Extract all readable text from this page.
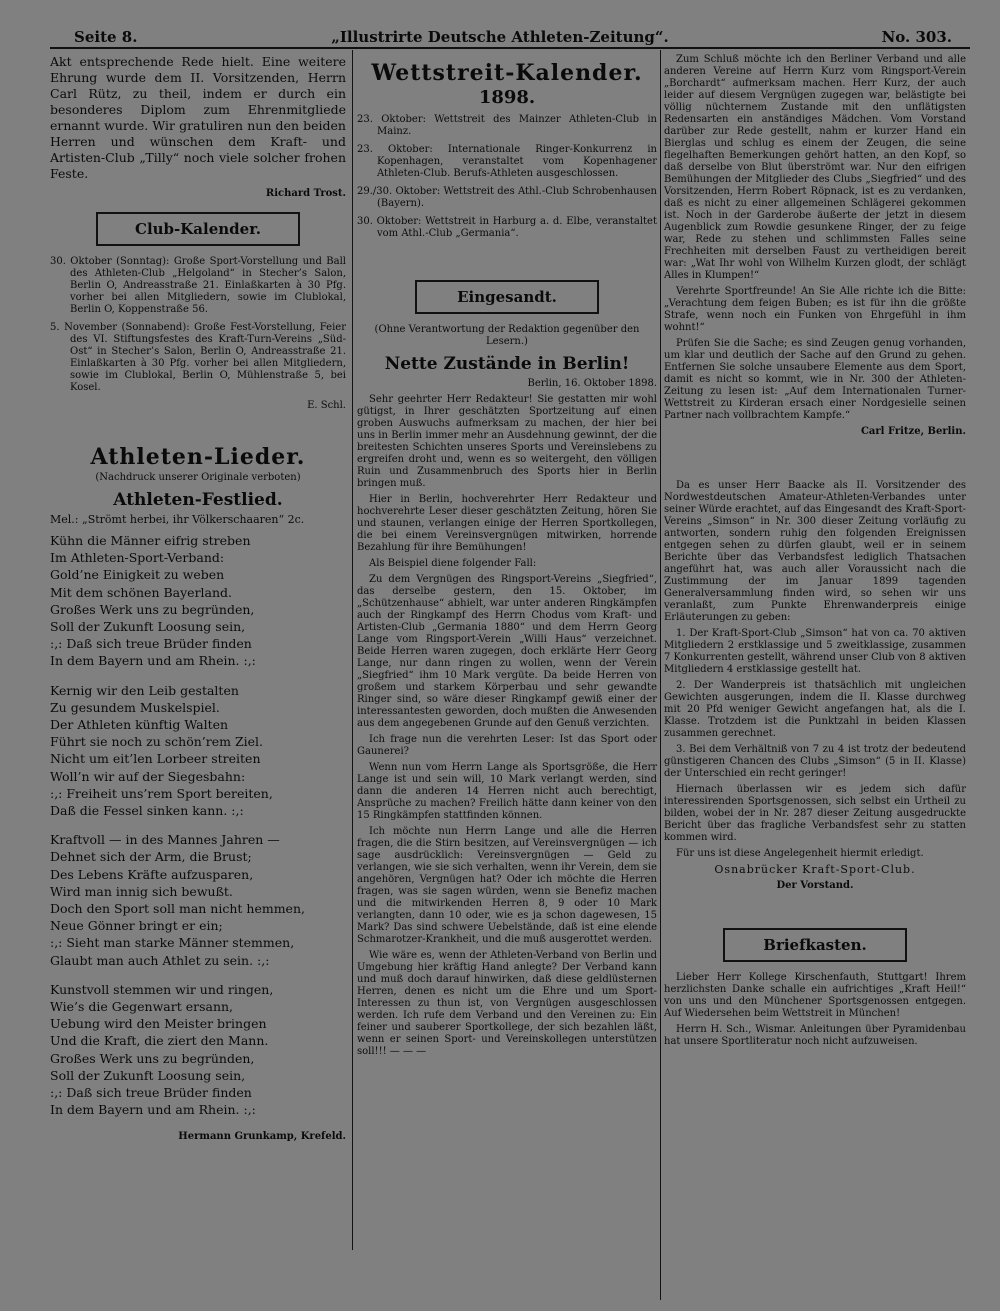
Seite 8.	„Illustrirte Deutsche Athleten-Zeitung“.	No. 303.

Akt entsprechende Rede hielt. Eine weitere Ehrung wurde dem II. Vorsitzenden, Herrn Carl Rütz, zu theil, indem er durch ein besonderes Diplom zum Ehrenmitgliede ernannt wurde. Wir gratuliren nun den beiden Herren und wünschen dem Kraft- und Artisten-Club „Tilly“ noch viele solcher frohen Feste.

Richard Trost.

Club-Kalender.

30. Oktober (Sonntag): Große Sport-Vorstellung und Ball des Athleten-Club „Helgoland“ in Stecher’s Salon, Berlin O, Andreasstraße 21. Einlaßkarten à 30 Pfg. vorher bei allen Mitgliedern, sowie im Clublokal, Berlin O, Koppenstraße 56.

5. November (Sonnabend): Große Fest-Vorstellung, Feier des VI. Stiftungsfestes des Kraft-Turn-Vereins „Süd-Ost“ in Stecher’s Salon, Berlin O, Andreasstraße 21. Einlaßkarten à 30 Pfg. vorher bei allen Mitgliedern, sowie im Clublokal, Berlin O, Mühlenstraße 5, bei Kosel.

E. Schl.

Athleten-Lieder.

(Nachdruck unserer Originale verboten)

Athleten-Festlied.

Mel.: „Strömt herbei, ihr Völkerschaaren“ 2c.

Kühn die Männer eifrig streben

Im Athleten-Sport-Verband:

Gold’ne Einigkeit zu weben

Mit dem schönen Bayerland.

Großes Werk uns zu begründen,

Soll der Zukunft Loosung sein,

:,: Daß sich treue Brüder finden

In dem Bayern und am Rhein. :,:

Kernig wir den Leib gestalten

Zu gesundem Muskelspiel.

Der Athleten künftig Walten

Führt sie noch zu schön’rem Ziel.

Nicht um eit’len Lorbeer streiten

Woll’n wir auf der Siegesbahn:

:,: Freiheit uns’rem Sport bereiten,

Daß die Fessel sinken kann. :,:

Kraftvoll — in des Mannes Jahren —

Dehnet sich der Arm, die Brust;

Des Lebens Kräfte aufzusparen,

Wird man innig sich bewußt.

Doch den Sport soll man nicht hemmen,

Neue Gönner bringt er ein;

:,: Sieht man starke Männer stemmen,

Glaubt man auch Athlet zu sein. :,:

Kunstvoll stemmen wir und ringen,

Wie’s die Gegenwart ersann,

Uebung wird den Meister bringen

Und die Kraft, die ziert den Mann.

Großes Werk uns zu begründen,

Soll der Zukunft Loosung sein,

:,: Daß sich treue Brüder finden

In dem Bayern und am Rhein. :,:

Hermann Grunkamp, Krefeld.

Wettstreit-Kalender.
1898.

23. Oktober: Wettstreit des Mainzer Athleten-Club in Mainz.

23. Oktober: Internationale Ringer-Konkurrenz in Kopenhagen, veranstaltet vom Kopenhagener Athleten-Club. Berufs-Athleten ausgeschlossen.

29./30. Oktober: Wettstreit des Athl.-Club Schrobenhausen (Bayern).

30. Oktober: Wettstreit in Harburg a. d. Elbe, veranstaltet vom Athl.-Club „Germania“.

Eingesandt.

(Ohne Verantwortung der Redaktion gegenüber den Lesern.)

Nette Zustände in Berlin!

Berlin, 16. Oktober 1898.

Sehr geehrter Herr Redakteur! Sie gestatten mir wohl gütigst, in Ihrer geschätzten Sportzeitung auf einen groben Auswuchs aufmerksam zu machen, der hier bei uns in Berlin immer mehr an Ausdehnung gewinnt, der die breitesten Schichten unseres Sports und Vereinslebens zu ergreifen droht und, wenn es so weitergeht, den völligen Ruin und Zusammenbruch des Sports hier in Berlin bringen muß.

Hier in Berlin, hochverehrter Herr Redakteur und hochverehrte Leser dieser geschätzten Zeitung, hören Sie und staunen, verlangen einige der Herren Sportkollegen, die bei einem Vereinsvergnügen mitwirken, horrende Bezahlung für ihre Bemühungen!

Als Beispiel diene folgender Fall:

Zu dem Vergnügen des Ringsport-Vereins „Siegfried“, das derselbe gestern, den 15. Oktober, im „Schützenhause“ abhielt, war unter anderen Ringkämpfen auch der Ringkampf des Herrn Chodus vom Kraft- und Artisten-Club „Germania 1880“ und dem Herrn Georg Lange vom Ringsport-Verein „Willi Haus“ verzeichnet. Beide Herren waren zugegen, doch erklärte Herr Georg Lange, nur dann ringen zu wollen, wenn der Verein „Siegfried“ ihm 10 Mark vergüte. Da beide Herren von großem und starkem Körperbau und sehr gewandte Ringer sind, so wäre dieser Ringkampf gewiß einer der interessantesten geworden, doch mußten die Anwesenden aus dem angegebenen Grunde auf den Genuß verzichten.

Ich frage nun die verehrten Leser: Ist das Sport oder Gaunerei?

Wenn nun vom Herrn Lange als Sportsgröße, die Herr Lange ist und sein will, 10 Mark verlangt werden, sind dann die anderen 14 Herren nicht auch berechtigt, Ansprüche zu machen? Freilich hätte dann keiner von den 15 Ringkämpfen stattfinden können.

Ich möchte nun Herrn Lange und alle die Herren fragen, die die Stirn besitzen, auf Vereinsvergnügen — ich sage ausdrücklich: Vereinsvergnügen — Geld zu verlangen, wie sie sich verhalten, wenn ihr Verein, dem sie angehören, Vergnügen hat? Oder ich möchte die Herren fragen, was sie sagen würden, wenn sie Benefiz machen und die mitwirkenden Herren 8, 9 oder 10 Mark verlangten, dann 10 oder, wie es ja schon dagewesen, 15 Mark? Das sind schwere Uebelstände, daß ist eine elende Schmarotzer-Krankheit, und die muß ausgerottet werden.

Wie wäre es, wenn der Athleten-Verband von Berlin und Umgebung hier kräftig Hand anlegte? Der Verband kann und muß doch darauf hinwirken, daß diese geldlüsternen Herren, denen es nicht um die Ehre und um Sport-Interessen zu thun ist, von Vergnügen ausgeschlossen werden. Ich rufe dem Verband und den Vereinen zu: Ein feiner und sauberer Sportkollege, der sich bezahlen läßt, wenn er seinen Sport- und Vereinskollegen unterstützen soll!!! — — —

Zum Schluß möchte ich den Berliner Verband und alle anderen Vereine auf Herrn Kurz vom Ringsport-Verein „Borchardt“ aufmerksam machen. Herr Kurz, der auch leider auf diesem Vergnügen zugegen war, belästigte bei völlig nüchternem Zustande mit den unflätigsten Redensarten ein anständiges Mädchen. Vom Vorstand darüber zur Rede gestellt, nahm er kurzer Hand ein Bierglas und schlug es einem der Zeugen, die seine flegelhaften Bemerkungen gehört hatten, an den Kopf, so daß derselbe von Blut überströmt war. Nur den eifrigen Bemühungen der Mitglieder des Clubs „Siegfried“ und des Vorsitzenden, Herrn Robert Röpnack, ist es zu verdanken, daß es nicht zu einer allgemeinen Schlägerei gekommen ist. Noch in der Garderobe äußerte der jetzt in diesem Augenblick zum Rowdie gesunkene Ringer, der zu feige war, Rede zu stehen und schlimmsten Falles seine Frechheiten mit derselben Faust zu vertheidigen bereit war: „Wat Ihr wohl von Wilhelm Kurzen glodt, der schlägt Alles in Klumpen!“

Verehrte Sportfreunde! An Sie Alle richte ich die Bitte: „Verachtung dem feigen Buben; es ist für ihn die größte Strafe, wenn noch ein Funken von Ehrgefühl in ihm wohnt!“

Prüfen Sie die Sache; es sind Zeugen genug vorhanden, um klar und deutlich der Sache auf den Grund zu gehen. Entfernen Sie solche unsaubere Elemente aus dem Sport, damit es nicht so kommt, wie in Nr. 300 der Athleten-Zeitung zu lesen ist: „Auf dem Internationalen Turner-Wettstreit zu Kirderan ersach einer Nordgesielle seinen Partner nach vollbrachtem Kampfe.“

Carl Fritze, Berlin.

Da es unser Herr Baacke als II. Vorsitzender des Nordwestdeutschen Amateur-Athleten-Verbandes unter seiner Würde erachtet, auf das Eingesandt des Kraft-Sport-Vereins „Simson“ in Nr. 300 dieser Zeitung vorläufig zu antworten, sondern ruhig den folgenden Ereignissen entgegen sehen zu dürfen glaubt, weil er in seinem Berichte über das Verbandsfest lediglich Thatsachen angeführt hat, was auch aller Voraussicht nach die Zustimmung der im Januar 1899 tagenden Generalversammlung finden wird, so sehen wir uns veranlaßt, zum Punkte Ehrenwanderpreis einige Erläuterungen zu geben:

1. Der Kraft-Sport-Club „Simson“ hat von ca. 70 aktiven Mitgliedern 2 erstklassige und 5 zweitklassige, zusammen 7 Konkurrenten gestellt, während unser Club von 8 aktiven Mitgliedern 4 erstklassige gestellt hat.

2. Der Wanderpreis ist thatsächlich mit ungleichen Gewichten ausgerungen, indem die II. Klasse durchweg mit 20 Pfd weniger Gewicht angefangen hat, als die I. Klasse. Trotzdem ist die Punktzahl in beiden Klassen zusammen gerechnet.

3. Bei dem Verhältniß von 7 zu 4 ist trotz der bedeutend günstigeren Chancen des Clubs „Simson“ (5 in II. Klasse) der Unterschied ein recht geringer!

Hiernach überlassen wir es jedem sich dafür interessirenden Sportsgenossen, sich selbst ein Urtheil zu bilden, wobei der in Nr. 287 dieser Zeitung ausgedruckte Bericht über das fragliche Verbandsfest sehr zu statten kommen wird.

Für uns ist diese Angelegenheit hiermit erledigt.

Osnabrücker Kraft-Sport-Club.

Der Vorstand.

Briefkasten.

Lieber Herr Kollege Kirschenfauth, Stuttgart! Ihrem herzlichsten Danke schalle ein aufrichtiges „Kraft Heil!“ von uns und den Münchener Sportsgenossen entgegen. Auf Wiedersehen beim Wettstreit in München!

Herrn H. Sch., Wismar. Anleitungen über Pyramidenbau hat unsere Sportliteratur noch nicht aufzuweisen.
